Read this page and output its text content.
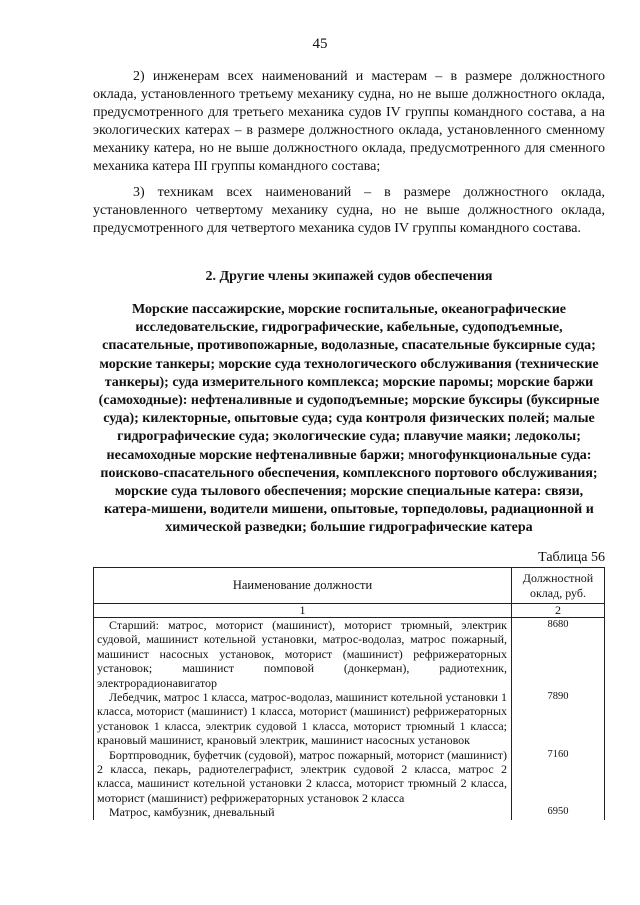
45

2) инженерам всех наименований и мастерам – в размере должностного оклада, установленного третьему механику судна, но не выше должностного оклада, предусмотренного для третьего механика судов IV группы командного состава, а на экологических катерах – в размере должностного оклада, установленного сменному механику катера, но не выше должностного оклада, предусмотренного для сменного механика катера III группы командного состава;

3) техникам всех наименований – в размере должностного оклада, установленного четвертому механику судна, но не выше должностного оклада, предусмотренного для четвертого механика судов IV группы командного состава.

2. Другие члены экипажей судов обеспечения
Морские пассажирские, морские госпитальные, океанографические исследовательские, гидрографические, кабельные, судоподъемные, спасательные, противопожарные, водолазные, спасательные буксирные суда; морские танкеры; морские суда технологического обслуживания (технические танкеры); суда измерительного комплекса; морские паромы; морские баржи (самоходные): нефтеналивные и судоподъемные; морские буксиры (буксирные суда); килекторные, опытовые суда; суда контроля физических полей; малые гидрографические суда; экологические суда; плавучие маяки; ледоколы; несамоходные морские нефтеналивные баржи; многофункциональные суда: поисково-спасательного обеспечения, комплексного портового обслуживания; морские суда тылового обеспечения; морские специальные катера: связи, катера-мишени, водители мишени, опытовые, торпедоловы, радиационной и химической разведки; большие гидрографические катера
Таблица 56
Наименование должности	Должностной оклад, руб.
1	2
Старший: матрос, моторист (машинист), моторист трюмный, электрик судовой, машинист котельной установки, матрос-водолаз, матрос пожарный, машинист насосных установок, моторист (машинист) рефрижераторных установок; машинист помповой (донкерман), радиотехник, электрорадионавигатор	8680
Лебедчик, матрос 1 класса, матрос-водолаз, машинист котельной установки 1 класса, моторист (машинист) 1 класса, моторист (машинист) рефрижераторных установок 1 класса, электрик судовой 1 класса, моторист трюмный 1 класса; крановый машинист, крановый электрик, машинист насосных установок	7890
Бортпроводник, буфетчик (судовой), матрос пожарный, моторист (машинист) 2 класса, пекарь, радиотелеграфист, электрик судовой 2 класса, матрос 2 класса, машинист котельной установки 2 класса, моторист трюмный 2 класса, моторист (машинист) рефрижераторных установок 2 класса	7160
Матрос, камбузник, дневальный	6950
